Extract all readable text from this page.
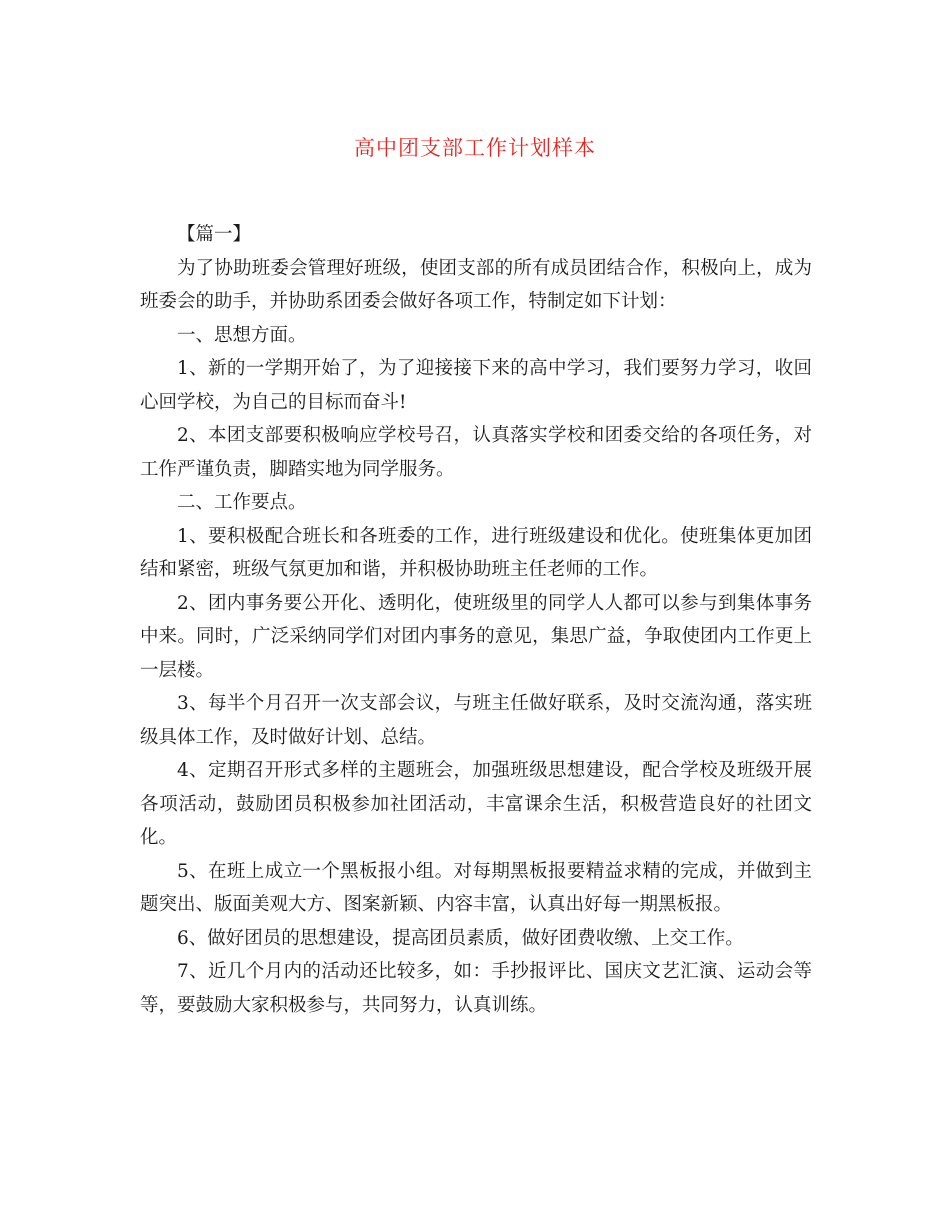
高中团支部工作计划样本

【篇一】

为了协助班委会管理好班级，使团支部的所有成员团结合作，积极向上，成为班委会的助手，并协助系团委会做好各项工作，特制定如下计划：

一、思想方面。

1、新的一学期开始了，为了迎接接下来的高中学习，我们要努力学习，收回心回学校，为自己的目标而奋斗!

2、本团支部要积极响应学校号召，认真落实学校和团委交给的各项任务，对工作严谨负责，脚踏实地为同学服务。

二、工作要点。

1、要积极配合班长和各班委的工作，进行班级建设和优化。使班集体更加团结和紧密，班级气氛更加和谐，并积极协助班主任老师的工作。

2、团内事务要公开化、透明化，使班级里的同学人人都可以参与到集体事务中来。同时，广泛采纳同学们对团内事务的意见，集思广益，争取使团内工作更上一层楼。

3、每半个月召开一次支部会议，与班主任做好联系，及时交流沟通，落实班级具体工作，及时做好计划、总结。

4、定期召开形式多样的主题班会，加强班级思想建设，配合学校及班级开展各项活动，鼓励团员积极参加社团活动，丰富课余生活，积极营造良好的社团文化。

5、在班上成立一个黑板报小组。对每期黑板报要精益求精的完成，并做到主题突出、版面美观大方、图案新颖、内容丰富，认真出好每一期黑板报。

6、做好团员的思想建设，提高团员素质，做好团费收缴、上交工作。

7、近几个月内的活动还比较多，如：手抄报评比、国庆文艺汇演、运动会等等，要鼓励大家积极参与，共同努力，认真训练。
